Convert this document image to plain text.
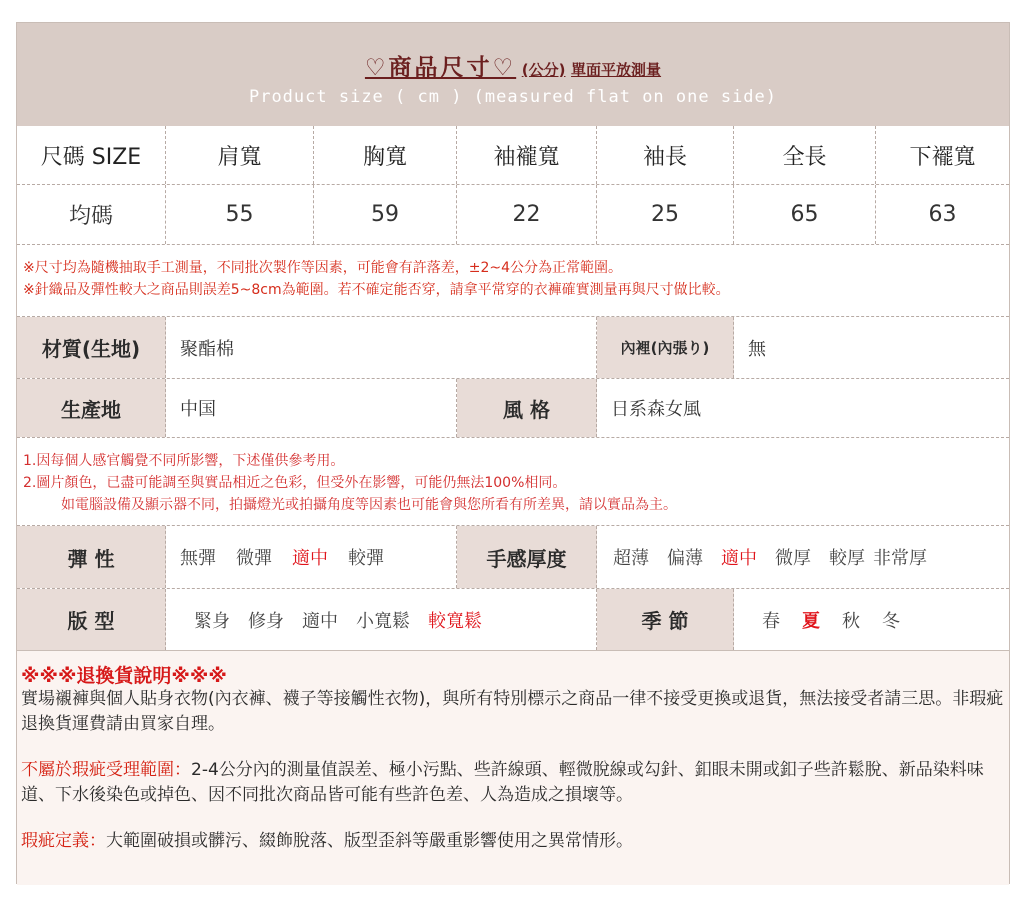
♡商品尺寸♡ (公分) 單面平放測量
Product size ( cm ) (measured flat on one side)
尺碼 SIZE	肩寬	胸寬	袖襱寬	袖長	全長	下襬寬
均碼	55	59	22	25	65	63
※尺寸均為隨機抽取手工測量，不同批次製作等因素，可能會有許落差，±2~4公分為正常範圍。
※針織品及彈性較大之商品則誤差5~8cm為範圍。若不確定能否穿，請拿平常穿的衣褲確實測量再與尺寸做比較。
材質(生地)	聚酯棉	內裡(內張り)	無
生產地	中国	風 格	日系森女風
1.因每個人感官觸覺不同所影響，下述僅供參考用。
2.圖片顏色，已盡可能調至與實品相近之色彩，但受外在影響，可能仍無法100%相同。
如電腦設備及顯示器不同，拍攝燈光或拍攝角度等因素也可能會與您所看有所差異，請以實品為主。
彈 性	無彈 微彈 適中 較彈	手感厚度	超薄 偏薄 適中 微厚 較厚 非常厚
版 型	緊身 修身 適中 小寬鬆 較寬鬆	季 節	春 夏 秋 冬
※※※退換貨說明※※※
實場襯褲與個人貼身衣物(內衣褲、襪子等接觸性衣物)，與所有特別標示之商品一律不接受更換或退貨，無法接受者請三思。非瑕疵退換貨運費請由買家自理。
不屬於瑕疵受理範圍：2-4公分內的測量值誤差、極小污點、些許線頭、輕微脫線或勾針、釦眼未開或釦子些許鬆脫、新品染料味道、下水後染色或掉色、因不同批次商品皆可能有些許色差、人為造成之損壞等。
瑕疵定義：大範圍破損或髒污、綴飾脫落、版型歪斜等嚴重影響使用之異常情形。
